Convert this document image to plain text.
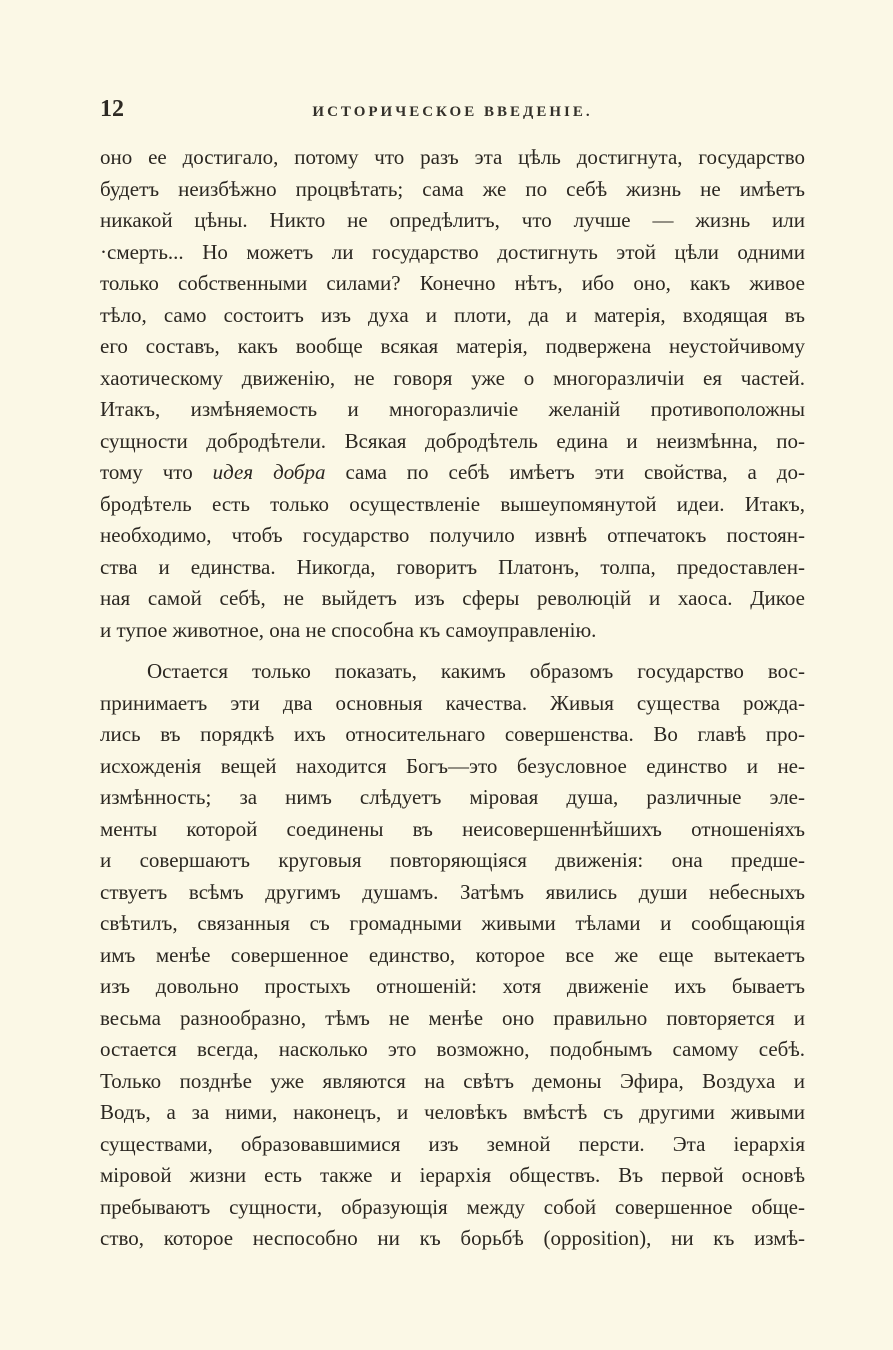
12	ИСТОРИЧЕСКОЕ ВВЕДЕНIЕ.
оно ее достигало, потому что разъ эта цѣль достигнута, государство
будетъ неизбѣжно процвѣтать; сама же по себѣ жизнь не имѣетъ
никакой цѣны. Никто не опредѣлитъ, что лучше — жизнь или
·смерть... Но можетъ ли государство достигнуть этой цѣли одними
только собственными силами? Конечно нѣтъ, ибо оно, какъ живое
тѣло, само состоитъ изъ духа и плоти, да и матерiя, входящая въ
его составъ, какъ вообще всякая матерiя, подвержена неустойчивому
хаотическому движенiю, не говоря уже о многоразличiи ея частей.
Итакъ, измѣняемость и многоразличiе желанiй противоположны
сущности добродѣтели. Всякая добродѣтель едина и неизмѣнна, по-
тому что идея добра сама по себѣ имѣетъ эти свойства, а до-
бродѣтель есть только осуществленiе вышеупомянутой идеи. Итакъ,
необходимо, чтобъ государство получило извнѣ отпечатокъ постоян-
ства и единства. Никогда, говоритъ Платонъ, толпа, предоставлен-
ная самой себѣ, не выйдетъ изъ сферы революцiй и хаоса. Дикое
и тупое животное, она не способна къ самоуправленiю.
Остается только показать, какимъ образомъ государство вос-
принимаетъ эти два основныя качества. Живыя существа рожда-
лись въ порядкѣ ихъ относительнаго совершенства. Во главѣ про-
исхожденiя вещей находится Богъ—это безусловное единство и не-
измѣнность; за нимъ слѣдуетъ мiровая душа, различные эле-
менты которой соединены въ неисовершеннѣйшихъ отношенiяхъ
и совершаютъ круговыя повторяющiяся движенiя: она предше-
ствуетъ всѣмъ другимъ душамъ. Затѣмъ явились души небесныхъ
свѣтилъ, связанныя съ громадными живыми тѣлами и сообщающiя
имъ менѣе совершенное единство, которое все же еще вытекаетъ
изъ довольно простыхъ отношенiй: хотя движенiе ихъ бываетъ
весьма разнообразно, тѣмъ не менѣе оно правильно повторяется и
остается всегда, насколько это возможно, подобнымъ самому себѣ.
Только позднѣе уже являются на свѣтъ демоны Эфира, Воздуха и
Водъ, а за ними, наконецъ, и человѣкъ вмѣстѣ съ другими живыми
существами, образовавшимися изъ земной персти. Эта iерархiя
мiровой жизни есть также и iерархiя обществъ. Въ первой основѣ
пребываютъ сущности, образующiя между собой совершенное обще-
ство, которое неспособно ни къ борьбѣ (opposition), ни къ измѣ-
